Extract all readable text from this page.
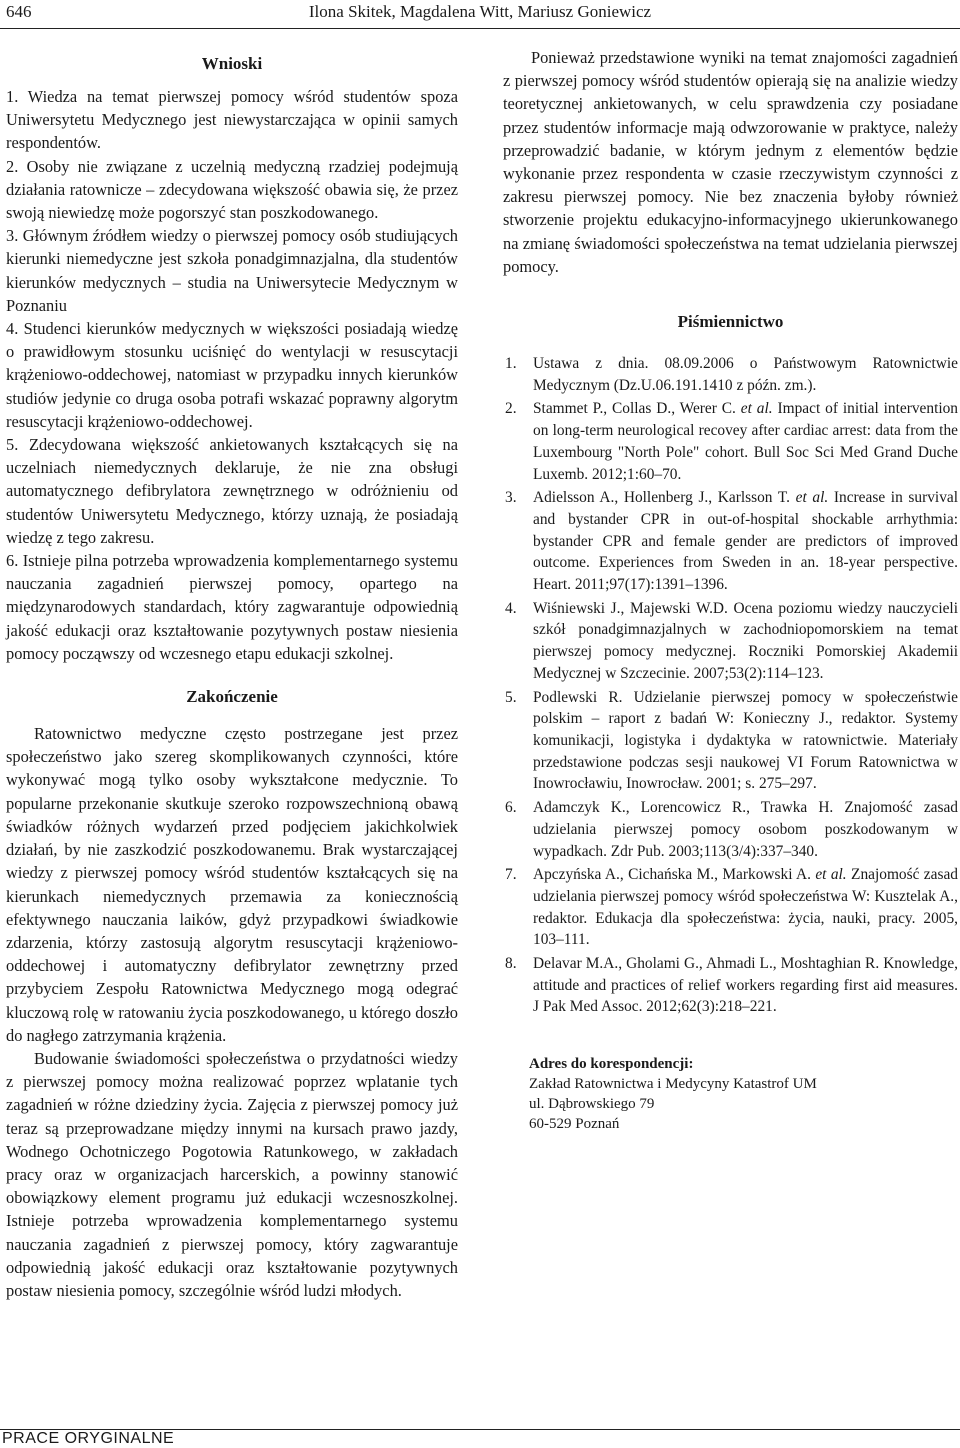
646	Ilona Skitek, Magdalena Witt, Mariusz Goniewicz
Wnioski
1. Wiedza na temat pierwszej pomocy wśród studentów spoza Uniwersytetu Medycznego jest niewystarczająca w opinii samych respondentów.
2. Osoby nie związane z uczelnią medyczną rzadziej podejmują działania ratownicze – zdecydowana większość obawia się, że przez swoją niewiedzę może pogorszyć stan poszkodowanego.
3. Głównym źródłem wiedzy o pierwszej pomocy osób studiujących kierunki niemedyczne jest szkoła ponadgimnazjalna, dla studentów kierunków medycznych – studia na Uniwersytecie Medycznym w Poznaniu
4. Studenci kierunków medycznych w większości posiadają wiedzę o prawidłowym stosunku uciśnięć do wentylacji w resuscytacji krążeniowo-oddechowej, natomiast w przypadku innych kierunków studiów jedynie co druga osoba potrafi wskazać poprawny algorytm resuscytacji krążeniowo-oddechowej.
5. Zdecydowana większość ankietowanych kształcących się na uczelniach niemedycznych deklaruje, że nie zna obsługi automatycznego defibrylatora zewnętrznego w odróżnieniu od studentów Uniwersytetu Medycznego, którzy uznają, że posiadają wiedzę z tego zakresu.
6. Istnieje pilna potrzeba wprowadzenia komplementarnego systemu nauczania zagadnień pierwszej pomocy, opartego na międzynarodowych standardach, który zagwarantuje odpowiednią jakość edukacji oraz kształtowanie pozytywnych postaw niesienia pomocy począwszy od wczesnego etapu edukacji szkolnej.
Zakończenie

Ratownictwo medyczne często postrzegane jest przez społeczeństwo jako szereg skomplikowanych czynności, które wykonywać mogą tylko osoby wykształcone medycznie. To popularne przekonanie skutkuje szeroko rozpowszechnioną obawą świadków różnych wydarzeń przed podjęciem jakichkolwiek działań, by nie zaszkodzić poszkodowanemu. Brak wystarczającej wiedzy z pierwszej pomocy wśród studentów kształcących się na kierunkach niemedycznych przemawia za koniecznością efektywnego nauczania laików, gdyż przypadkowi świadkowie zdarzenia, którzy zastosują algorytm resuscytacji krążeniowo-oddechowej i automatyczny defibrylator zewnętrzny przed przybyciem Zespołu Ratownictwa Medycznego mogą odegrać kluczową rolę w ratowaniu życia poszkodowanego, u którego doszło do nagłego zatrzymania krążenia.

Budowanie świadomości społeczeństwa o przydatności wiedzy z pierwszej pomocy można realizować poprzez wplatanie tych zagadnień w różne dziedziny życia. Zajęcia z pierwszej pomocy już teraz są przeprowadzane między innymi na kursach prawo jazdy, Wodnego Ochotniczego Pogotowia Ratunkowego, w zakładach pracy oraz w organizacjach harcerskich, a powinny stanowić obowiązkowy element programu już edukacji wczesnoszkolnej. Istnieje potrzeba wprowadzenia komplementarnego systemu nauczania zagadnień z pierwszej pomocy, który zagwarantuje odpowiednią jakość edukacji oraz kształtowanie pozytywnych postaw niesienia pomocy, szczególnie wśród ludzi młodych.

Ponieważ przedstawione wyniki na temat znajomości zagadnień z pierwszej pomocy wśród studentów opierają się na analizie wiedzy teoretycznej ankietowanych, w celu sprawdzenia czy posiadane przez studentów informacje mają odwzorowanie w praktyce, należy przeprowadzić badanie, w którym jednym z elementów będzie wykonanie przez respondenta w czasie rzeczywistym czynności z zakresu pierwszej pomocy. Nie bez znaczenia byłoby również stworzenie projektu edukacyjno-informacyjnego ukierunkowanego na zmianę świadomości społeczeństwa na temat udzielania pierwszej pomocy.

Piśmiennictwo
1. Ustawa z dnia. 08.09.2006 o Państwowym Ratownictwie Medycznym (Dz.U.06.191.1410 z późn. zm.).
2. Stammet P., Collas D., Werer C. et al. Impact of initial intervention on long-term neurological recovey after cardiac arrest: data from the Luxembourg "North Pole" cohort. Bull Soc Sci Med Grand Duche Luxemb. 2012;1:60–70.
3. Adielsson A., Hollenberg J., Karlsson T. et al. Increase in survival and bystander CPR in out-of-hospital shockable arrhythmia: bystander CPR and female gender are predictors of improved outcome. Experiences from Sweden in an. 18-year perspective. Heart. 2011;97(17):1391–1396.
4. Wiśniewski J., Majewski W.D. Ocena poziomu wiedzy nauczycieli szkół ponadgimnazjalnych w zachodniopomorskiem na temat pierwszej pomocy medycznej. Roczniki Pomorskiej Akademii Medycznej w Szczecinie. 2007;53(2):114–123.
5. Podlewski R. Udzielanie pierwszej pomocy w społeczeństwie polskim – raport z badań W: Konieczny J., redaktor. Systemy komunikacji, logistyka i dydaktyka w ratownictwie. Materiały przedstawione podczas sesji naukowej VI Forum Ratownictwa w Inowrocławiu, Inowrocław. 2001; s. 275–297.
6. Adamczyk K., Lorencowicz R., Trawka H. Znajomość zasad udzielania pierwszej pomocy osobom poszkodowanym w wypadkach. Zdr Pub. 2003;113(3/4):337–340.
7. Apczyńska A., Cichańska M., Markowski A. et al. Znajomość zasad udzielania pierwszej pomocy wśród społeczeństwa W: Kusztelak A., redaktor. Edukacja dla społeczeństwa: życia, nauki, pracy. 2005, 103–111.
8. Delavar M.A., Gholami G., Ahmadi L., Moshtaghian R. Knowledge, attitude and practices of relief workers regarding first aid measures. J Pak Med Assoc. 2012;62(3):218–221.
Adres do korespondencji:
Zakład Ratownictwa i Medycyny Katastrof UM
ul. Dąbrowskiego 79
60-529 Poznań
PRACE ORYGINALNE
